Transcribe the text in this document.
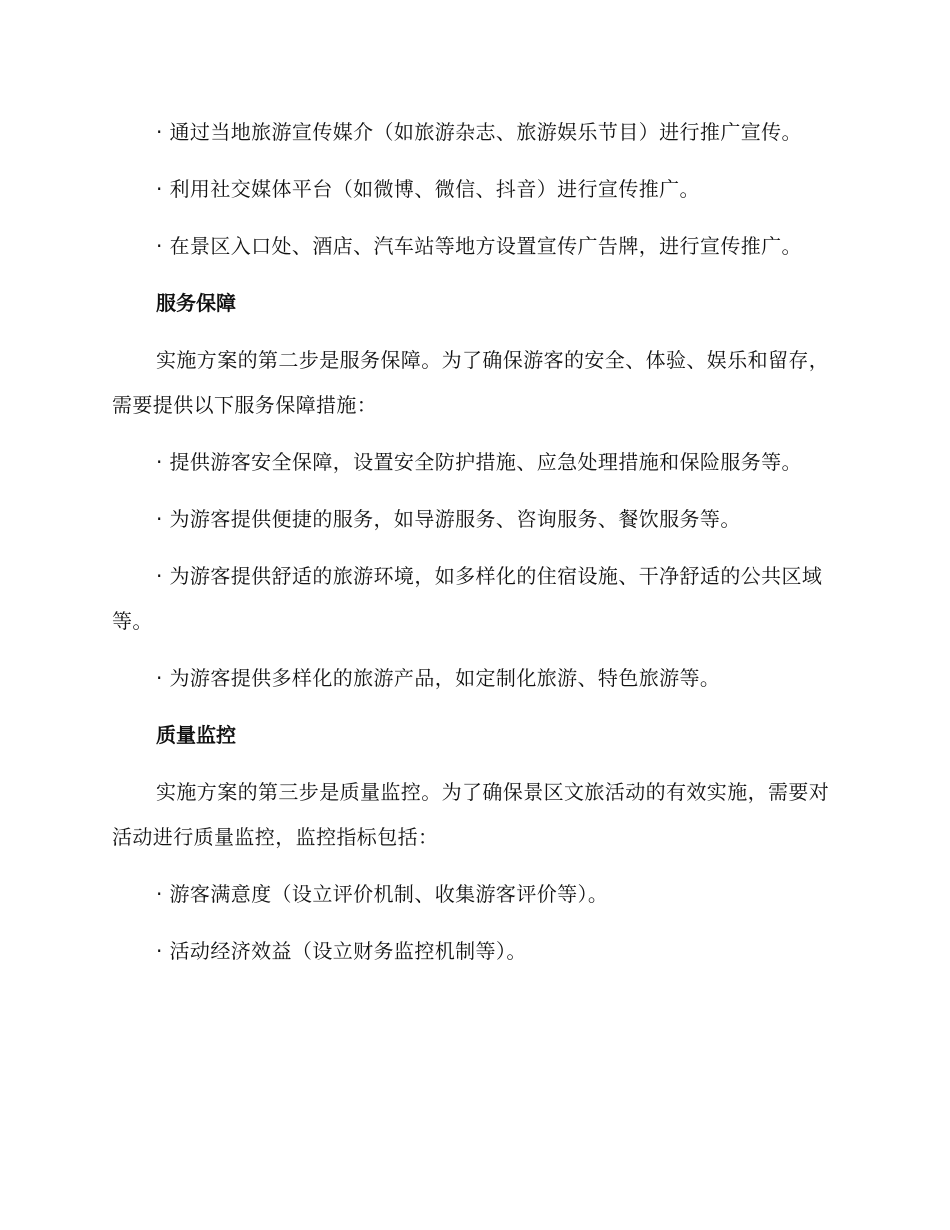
· 通过当地旅游宣传媒介（如旅游杂志、旅游娱乐节目）进行推广宣传。

· 利用社交媒体平台（如微博、微信、抖音）进行宣传推广。

· 在景区入口处、酒店、汽车站等地方设置宣传广告牌，进行宣传推广。

服务保障

实施方案的第二步是服务保障。为了确保游客的安全、体验、娱乐和留存，需要提供以下服务保障措施：

· 提供游客安全保障，设置安全防护措施、应急处理措施和保险服务等。

· 为游客提供便捷的服务，如导游服务、咨询服务、餐饮服务等。

· 为游客提供舒适的旅游环境，如多样化的住宿设施、干净舒适的公共区域等。

· 为游客提供多样化的旅游产品，如定制化旅游、特色旅游等。

质量监控

实施方案的第三步是质量监控。为了确保景区文旅活动的有效实施，需要对活动进行质量监控，监控指标包括：

· 游客满意度（设立评价机制、收集游客评价等）。

· 活动经济效益（设立财务监控机制等）。
